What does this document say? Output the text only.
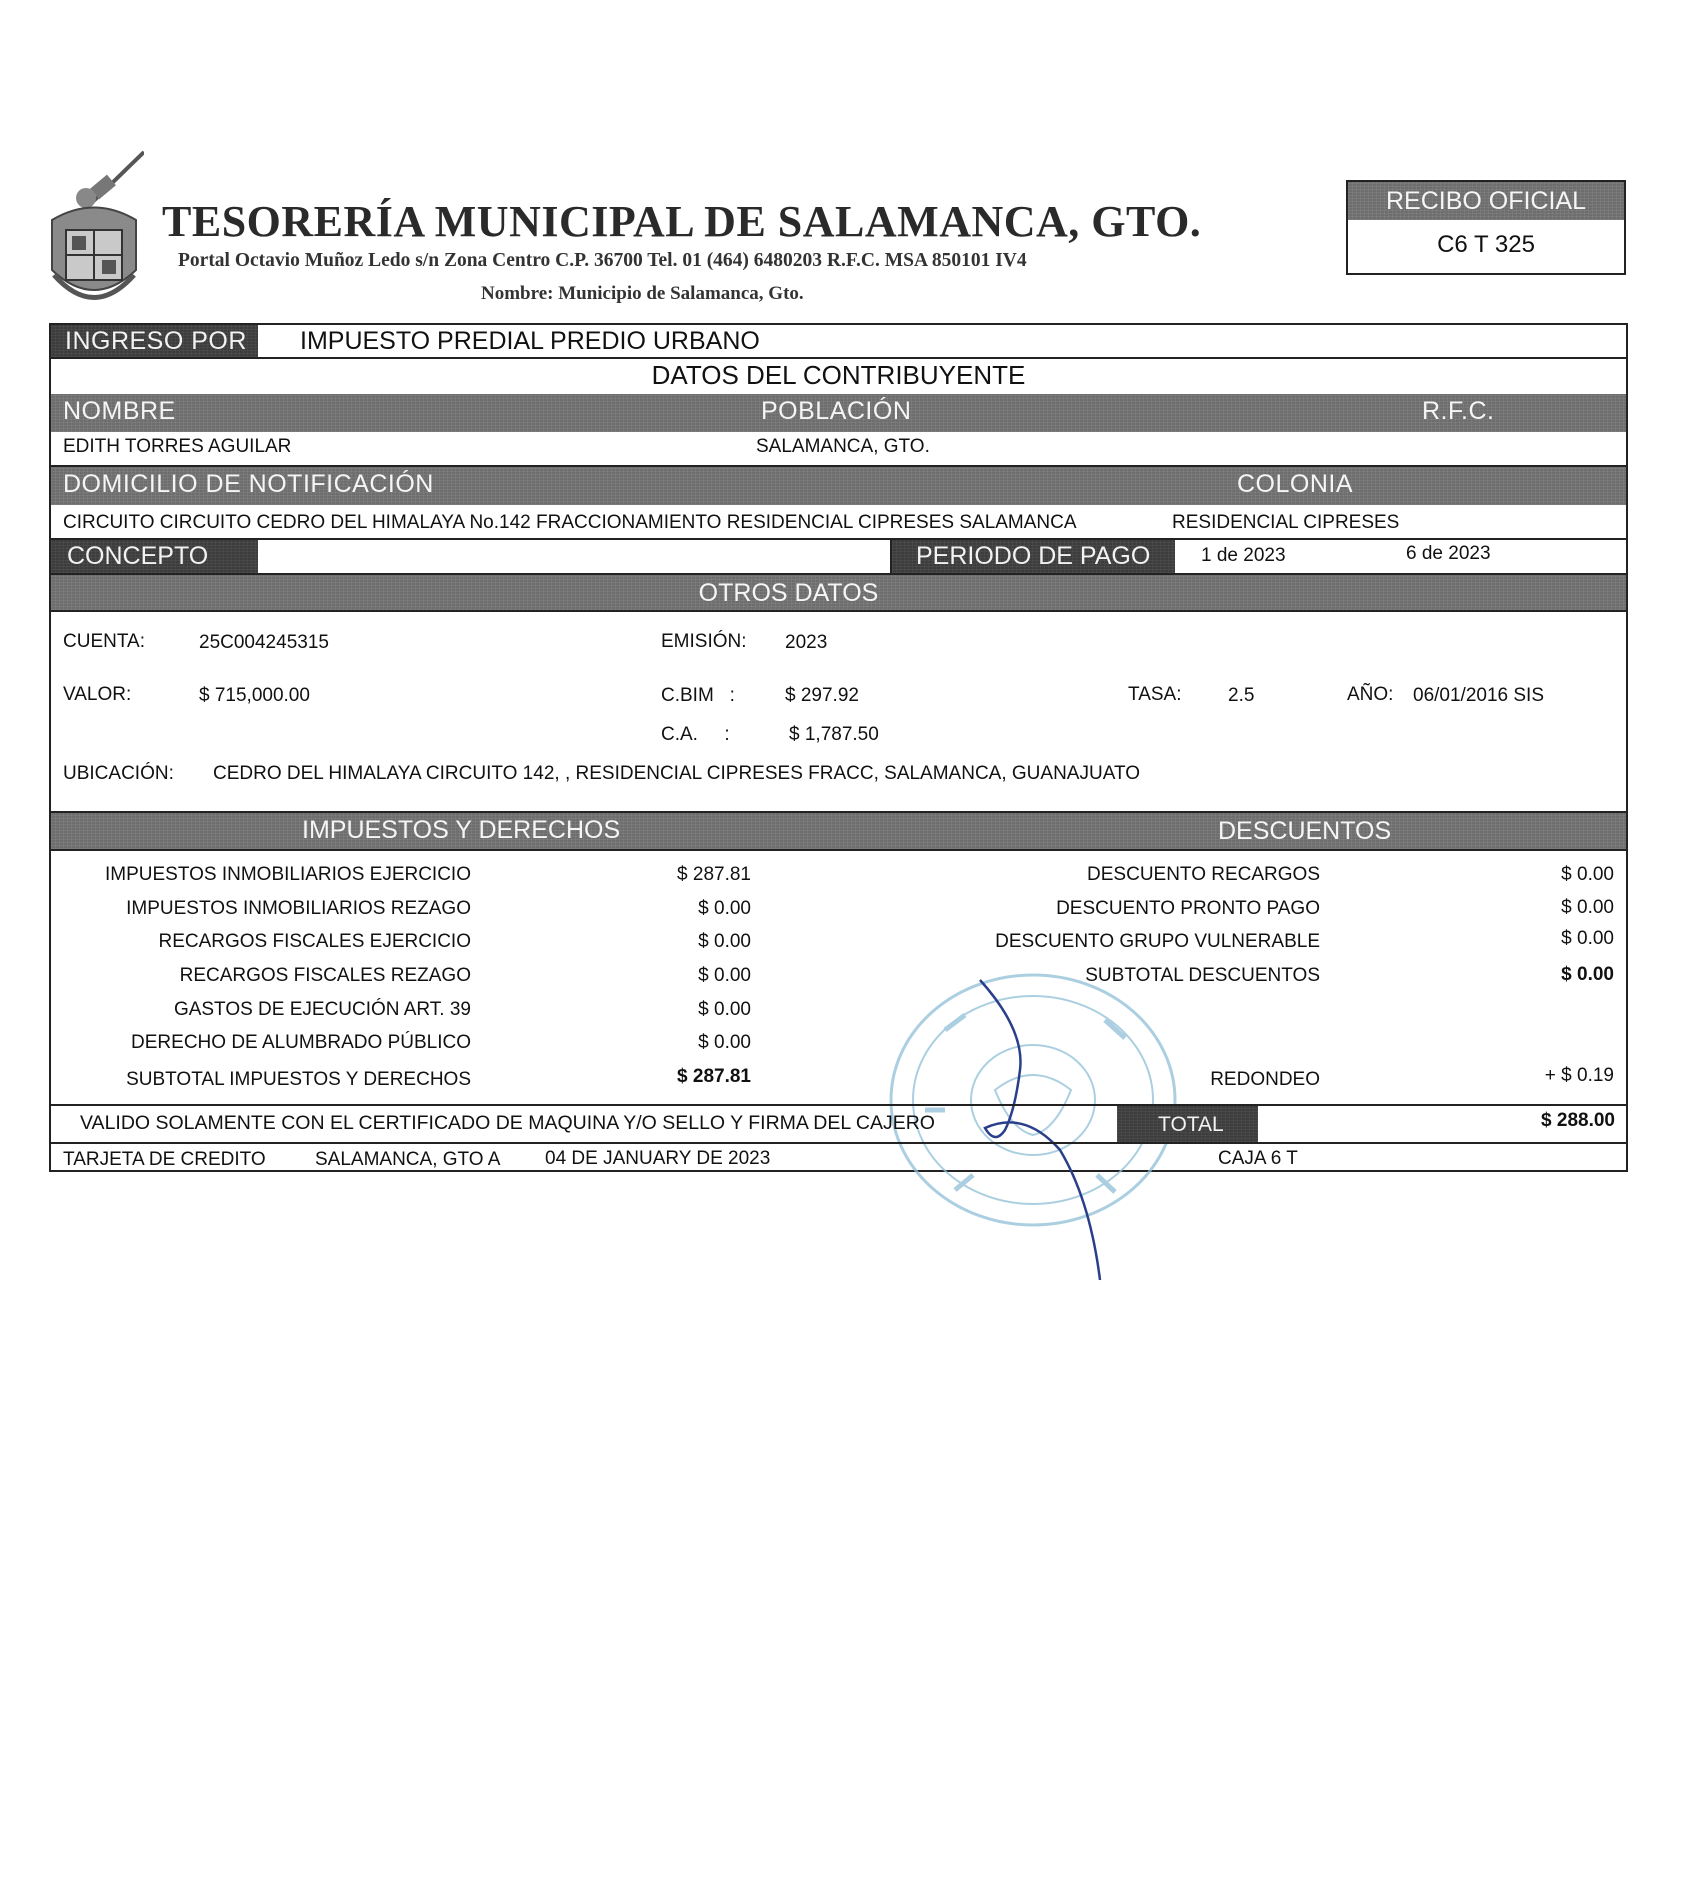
TESORERÍA MUNICIPAL DE SALAMANCA, GTO.
Portal Octavio Muñoz Ledo s/n Zona Centro C.P. 36700 Tel. 01 (464) 6480203 R.F.C. MSA 850101 IV4
Nombre: Municipio de Salamanca, Gto.
RECIBO OFICIAL
C6 T 325
INGRESO POR	IMPUESTO PREDIAL PREDIO URBANO
DATOS DEL CONTRIBUYENTE
NOMBRE	POBLACIÓN	R.F.C.
EDITH TORRES AGUILAR	SALAMANCA, GTO.
DOMICILIO DE NOTIFICACIÓN	COLONIA
CIRCUITO CIRCUITO CEDRO DEL HIMALAYA No.142 FRACCIONAMIENTO RESIDENCIAL CIPRESES SALAMANCA	RESIDENCIAL CIPRESES
CONCEPTO	PERIODO DE PAGO	1 de 2023	6 de 2023
OTROS DATOS
CUENTA:	25C004245315	EMISIÓN: 2023
VALOR:	$ 715,000.00	C.BIM   :	$ 297.92	TASA: 2.5	AÑO: 06/01/2016 SIS
C.A.     :	$ 1,787.50
UBICACIÓN: CEDRO DEL HIMALAYA CIRCUITO 142, , RESIDENCIAL CIPRESES FRACC, SALAMANCA, GUANAJUATO
IMPUESTOS Y DERECHOS	DESCUENTOS
IMPUESTOS INMOBILIARIOS EJERCICIO	$ 287.81
IMPUESTOS INMOBILIARIOS REZAGO	$ 0.00
RECARGOS FISCALES EJERCICIO	$ 0.00
RECARGOS FISCALES REZAGO	$ 0.00
GASTOS DE EJECUCIÓN ART. 39	$ 0.00
DERECHO DE ALUMBRADO PÚBLICO	$ 0.00
SUBTOTAL IMPUESTOS Y DERECHOS	$ 287.81
DESCUENTO RECARGOS	$ 0.00
DESCUENTO PRONTO PAGO	$ 0.00
DESCUENTO GRUPO VULNERABLE	$ 0.00
SUBTOTAL DESCUENTOS	$ 0.00
REDONDEO	+ $ 0.19
VALIDO SOLAMENTE CON EL CERTIFICADO DE MAQUINA Y/O SELLO Y FIRMA DEL CAJERO	TOTAL	$ 288.00
TARJETA DE CREDITO	SALAMANCA, GTO A 04 DE JANUARY DE 2023	CAJA 6 T
